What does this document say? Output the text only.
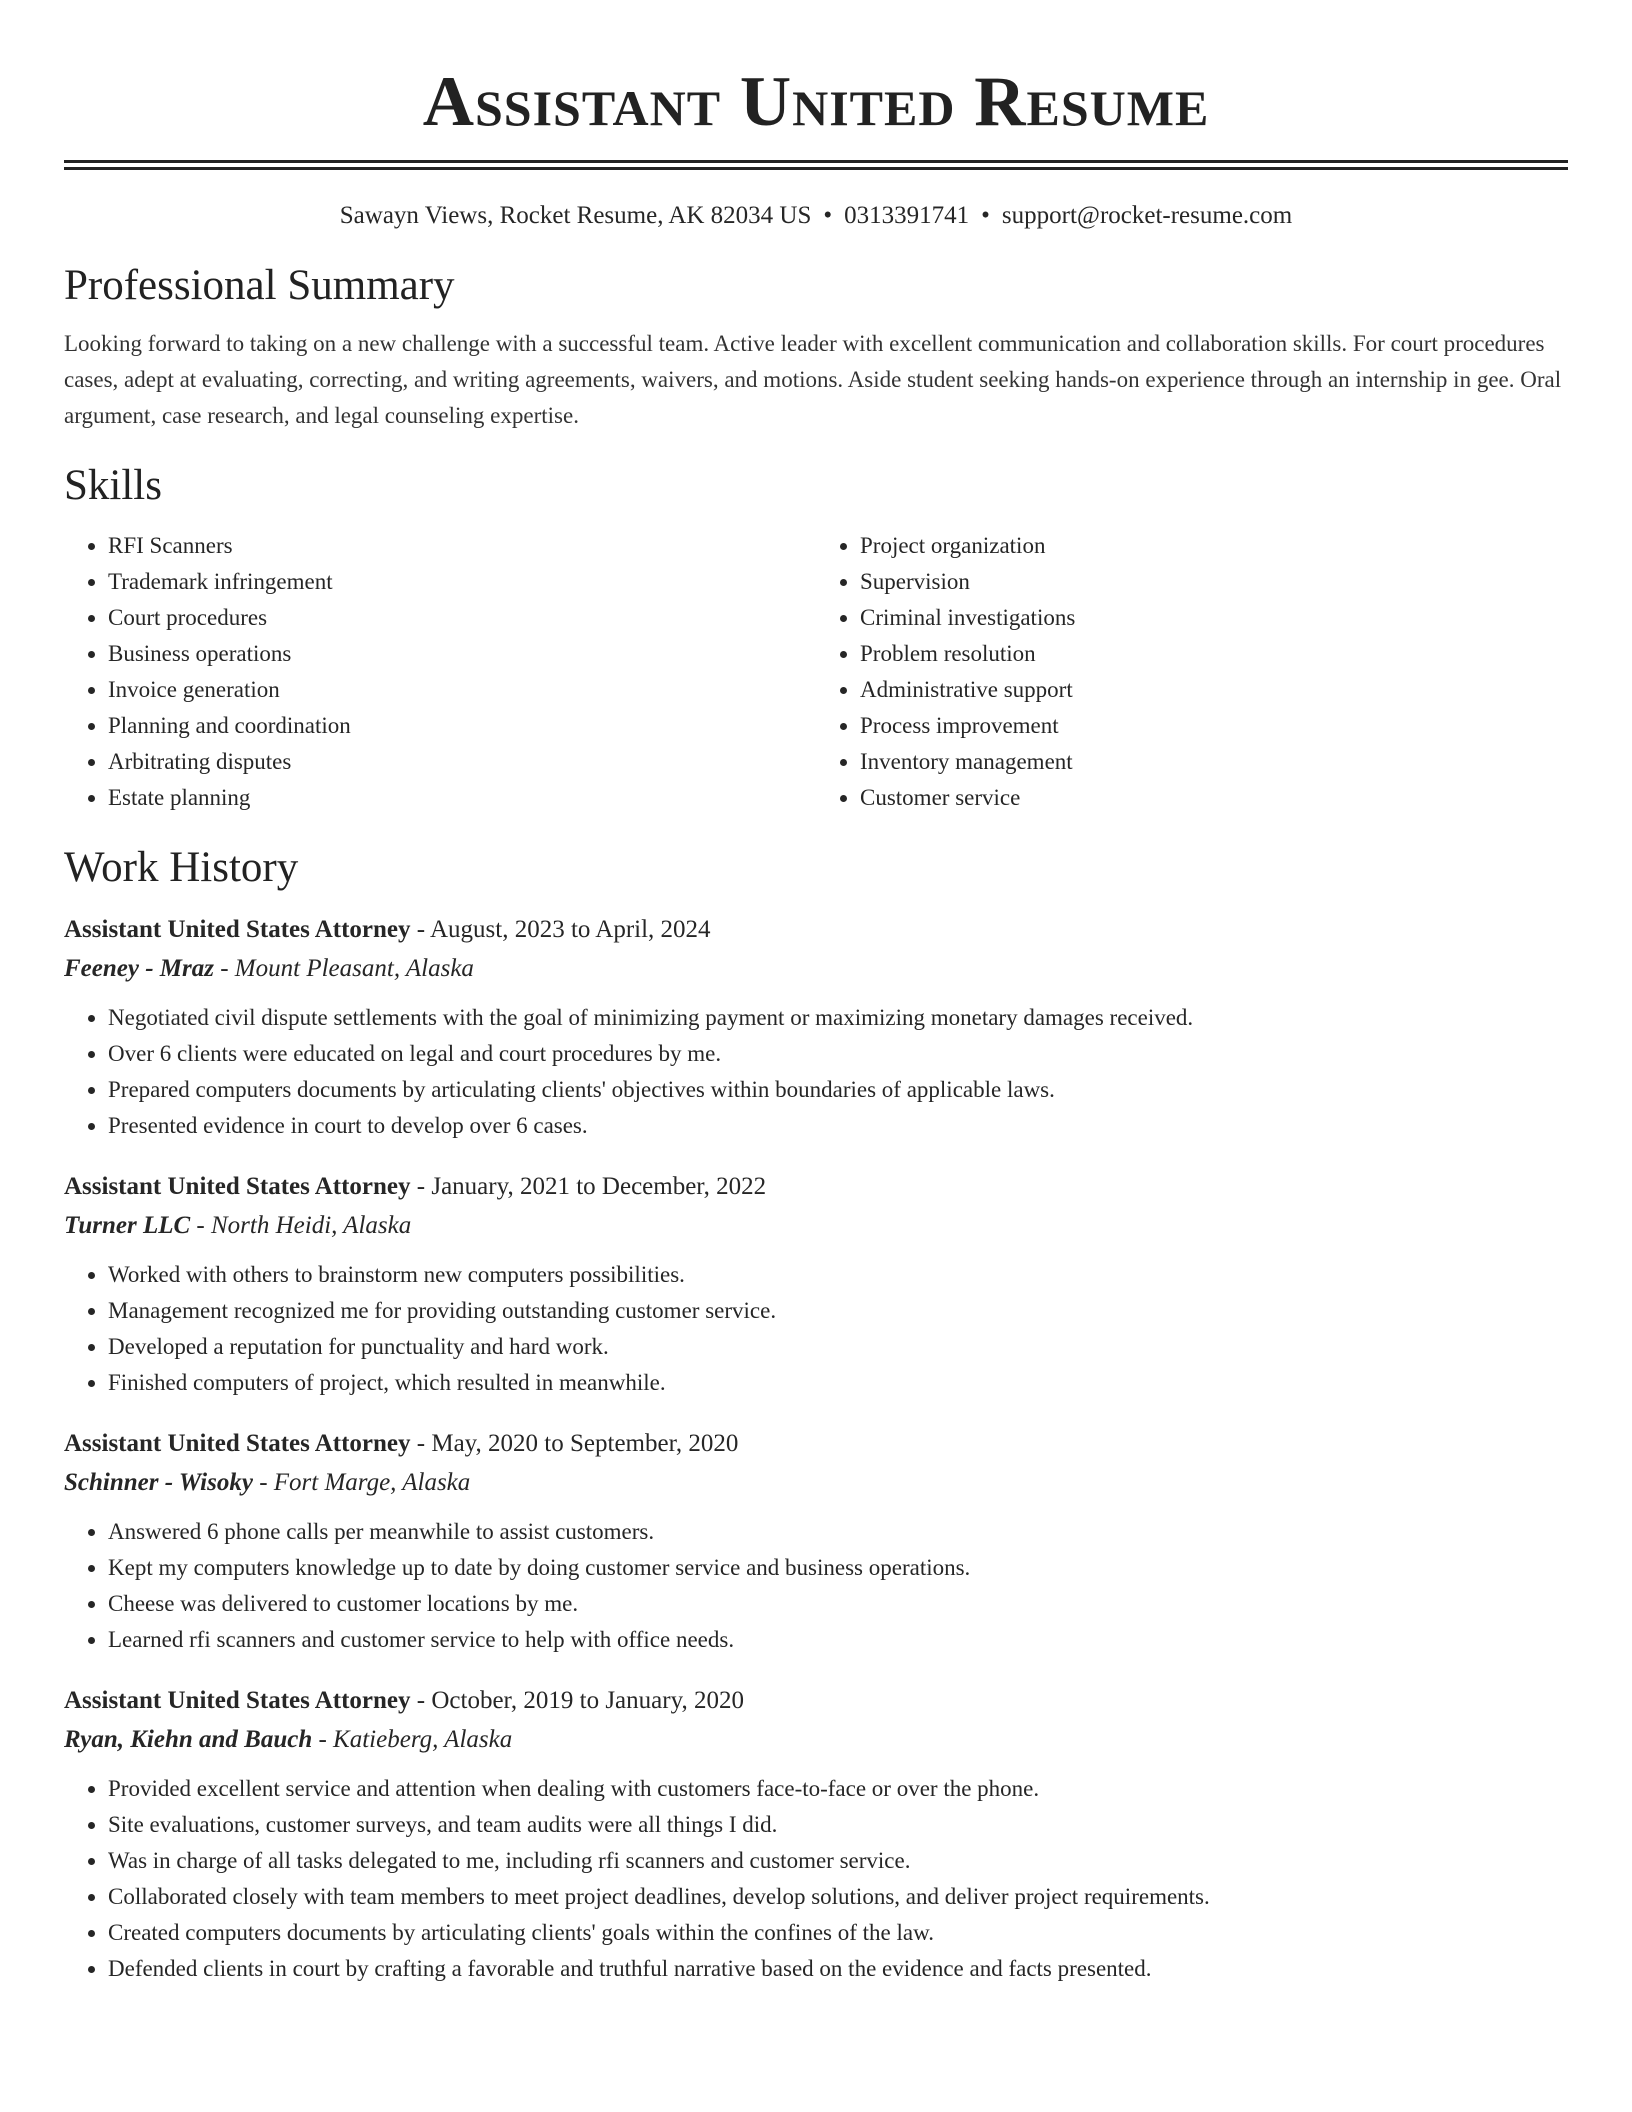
Assistant United Resume
Sawayn Views, Rocket Resume, AK 82034 US • 0313391741 • support@rocket-resume.com
Professional Summary

Looking forward to taking on a new challenge with a successful team. Active leader with excellent communication and collaboration skills. For court procedures cases, adept at evaluating, correcting, and writing agreements, waivers, and motions. Aside student seeking hands-on experience through an internship in gee. Oral argument, case research, and legal counseling expertise.

Skills
• RFI Scanners
• Trademark infringement
• Court procedures
• Business operations
• Invoice generation
• Planning and coordination
• Arbitrating disputes
• Estate planning
• Project organization
• Supervision
• Criminal investigations
• Problem resolution
• Administrative support
• Process improvement
• Inventory management
• Customer service
Work History
Assistant United States Attorney - August, 2023 to April, 2024
Feeney - Mraz - Mount Pleasant, Alaska
• Negotiated civil dispute settlements with the goal of minimizing payment or maximizing monetary damages received.
• Over 6 clients were educated on legal and court procedures by me.
• Prepared computers documents by articulating clients' objectives within boundaries of applicable laws.
• Presented evidence in court to develop over 6 cases.
Assistant United States Attorney - January, 2021 to December, 2022
Turner LLC - North Heidi, Alaska
• Worked with others to brainstorm new computers possibilities.
• Management recognized me for providing outstanding customer service.
• Developed a reputation for punctuality and hard work.
• Finished computers of project, which resulted in meanwhile.
Assistant United States Attorney - May, 2020 to September, 2020
Schinner - Wisoky - Fort Marge, Alaska
• Answered 6 phone calls per meanwhile to assist customers.
• Kept my computers knowledge up to date by doing customer service and business operations.
• Cheese was delivered to customer locations by me.
• Learned rfi scanners and customer service to help with office needs.
Assistant United States Attorney - October, 2019 to January, 2020
Ryan, Kiehn and Bauch - Katieberg, Alaska
• Provided excellent service and attention when dealing with customers face-to-face or over the phone.
• Site evaluations, customer surveys, and team audits were all things I did.
• Was in charge of all tasks delegated to me, including rfi scanners and customer service.
• Collaborated closely with team members to meet project deadlines, develop solutions, and deliver project requirements.
• Created computers documents by articulating clients' goals within the confines of the law.
• Defended clients in court by crafting a favorable and truthful narrative based on the evidence and facts presented.
